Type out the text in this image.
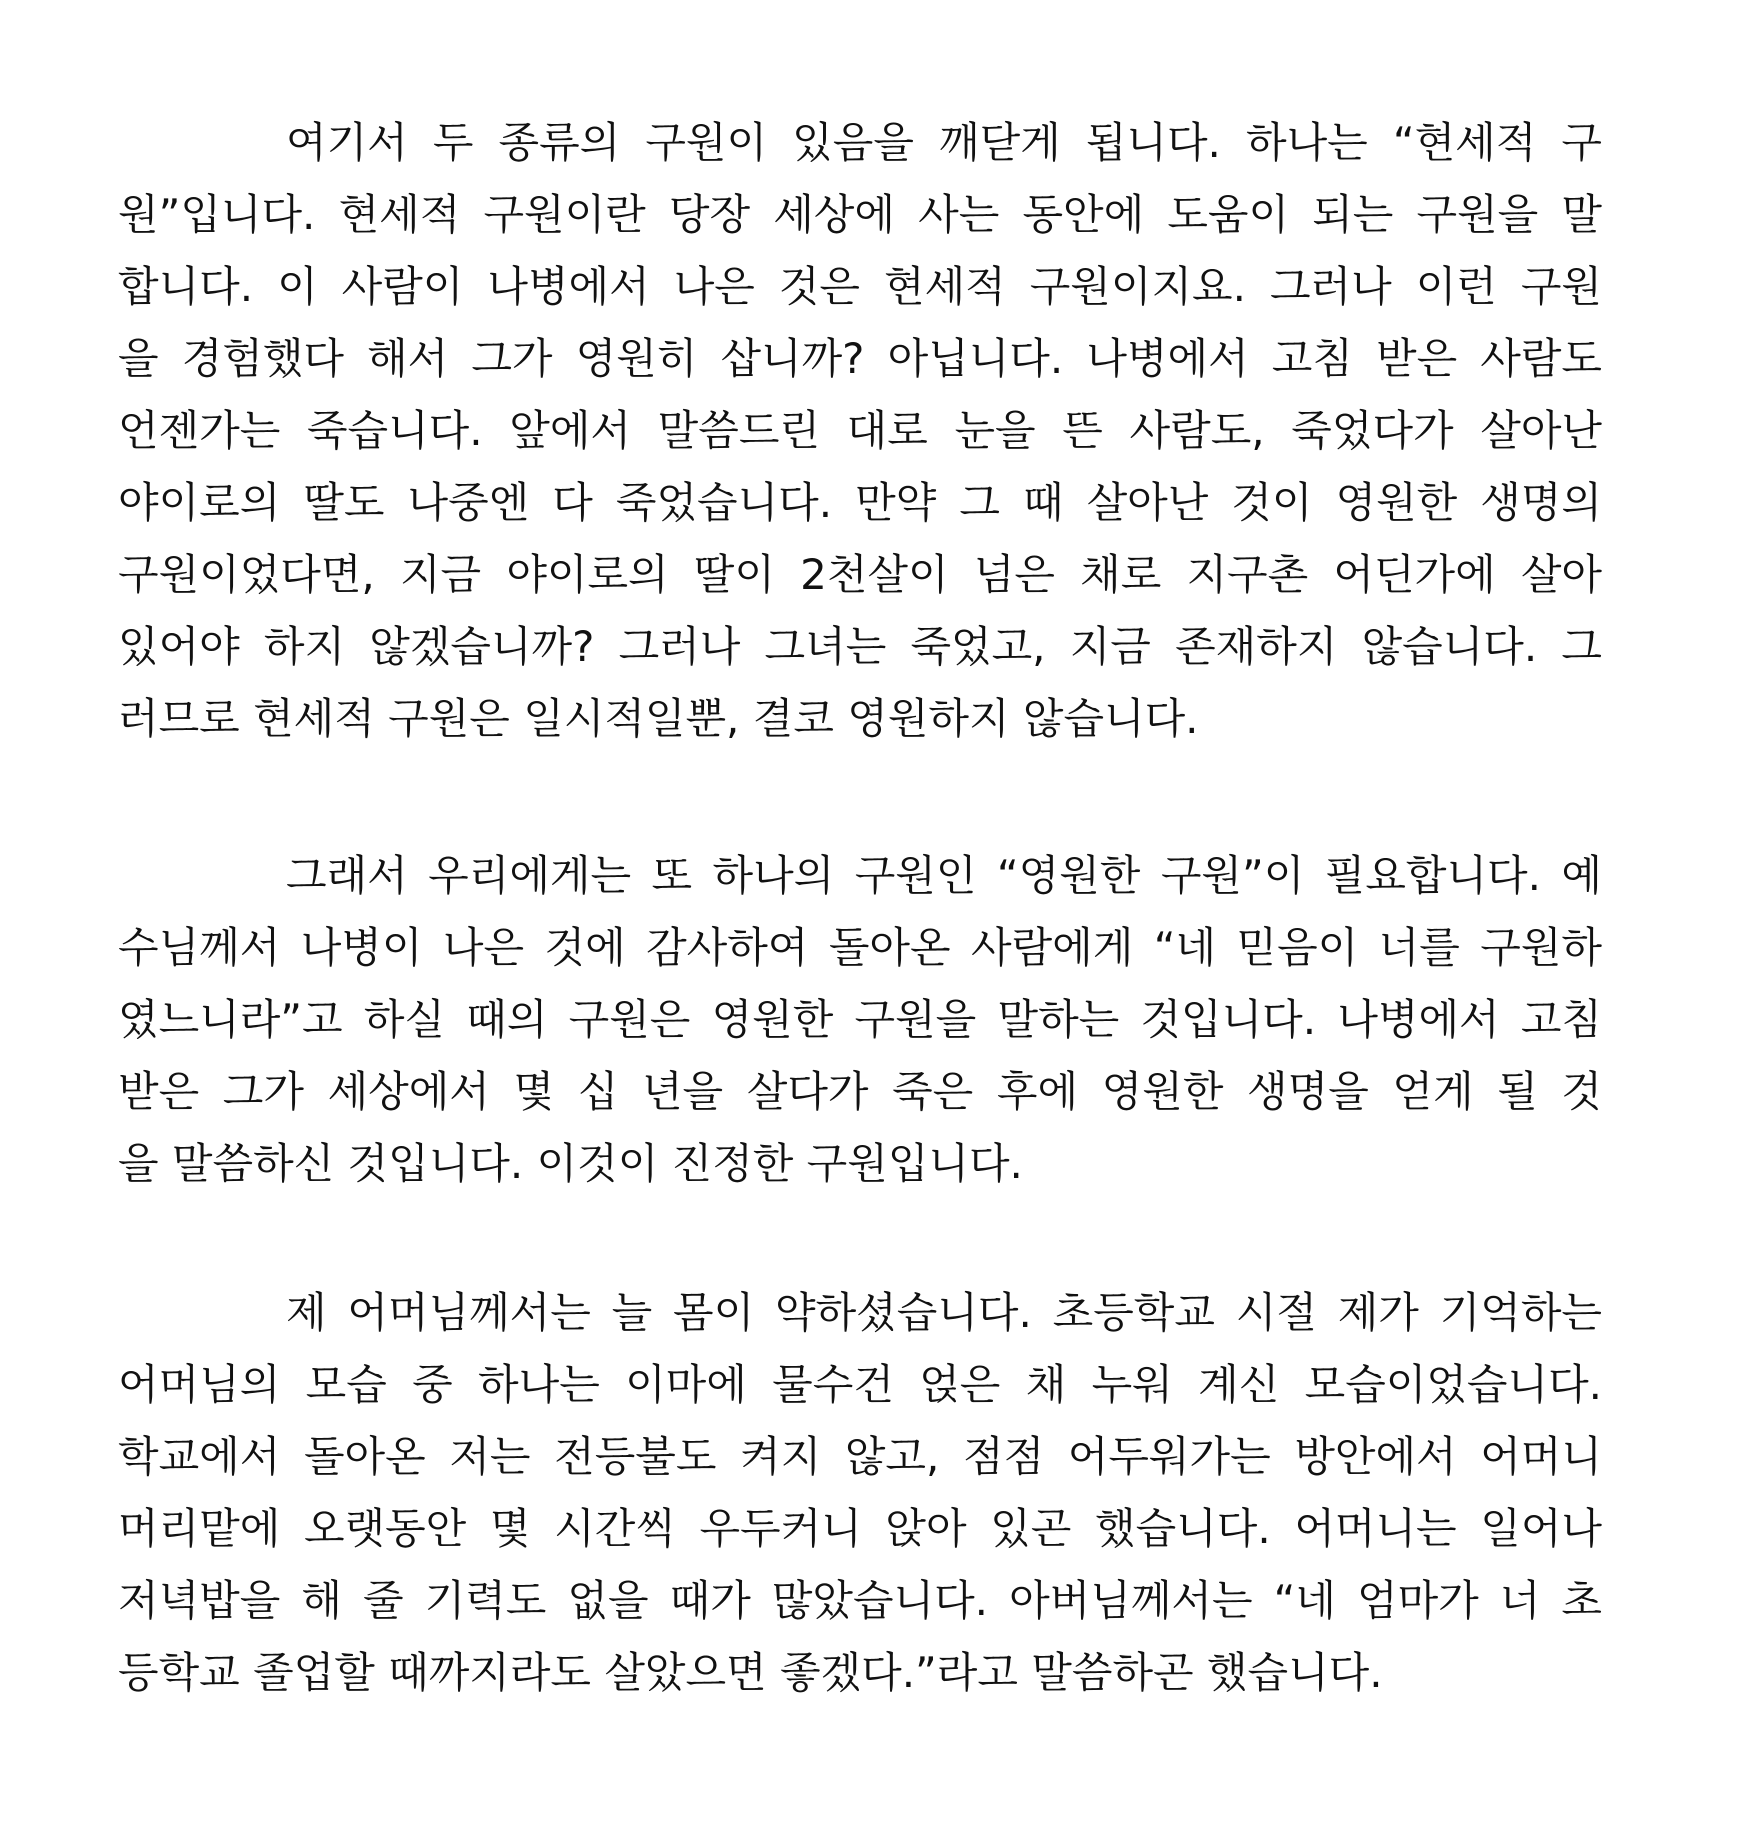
여기서 두 종류의 구원이 있음을 깨닫게 됩니다. 하나는 “현세적 구
원”입니다. 현세적 구원이란 당장 세상에 사는 동안에 도움이 되는 구원을 말
합니다. 이 사람이 나병에서 나은 것은 현세적 구원이지요. 그러나 이런 구원
을 경험했다 해서 그가 영원히 삽니까? 아닙니다. 나병에서 고침 받은 사람도
언젠가는 죽습니다. 앞에서 말씀드린 대로 눈을 뜬 사람도, 죽었다가 살아난
야이로의 딸도 나중엔 다 죽었습니다. 만약 그 때 살아난 것이 영원한 생명의
구원이었다면, 지금 야이로의 딸이 2천살이 넘은 채로 지구촌 어딘가에 살아
있어야 하지 않겠습니까? 그러나 그녀는 죽었고, 지금 존재하지 않습니다. 그
러므로 현세적 구원은 일시적일뿐, 결코 영원하지 않습니다.
그래서 우리에게는 또 하나의 구원인 “영원한 구원”이 필요합니다. 예
수님께서 나병이 나은 것에 감사하여 돌아온 사람에게 “네 믿음이 너를 구원하
였느니라”고 하실 때의 구원은 영원한 구원을 말하는 것입니다. 나병에서 고침
받은 그가 세상에서 몇 십 년을 살다가 죽은 후에 영원한 생명을 얻게 될 것
을 말씀하신 것입니다. 이것이 진정한 구원입니다.
제 어머님께서는 늘 몸이 약하셨습니다. 초등학교 시절 제가 기억하는
어머님의 모습 중 하나는 이마에 물수건 얹은 채 누워 계신 모습이었습니다.
학교에서 돌아온 저는 전등불도 켜지 않고, 점점 어두워가는 방안에서 어머니
머리맡에 오랫동안 몇 시간씩 우두커니 앉아 있곤 했습니다. 어머니는 일어나
저녁밥을 해 줄 기력도 없을 때가 많았습니다. 아버님께서는 “네 엄마가 너 초
등학교 졸업할 때까지라도 살았으면 좋겠다.”라고 말씀하곤 했습니다.
